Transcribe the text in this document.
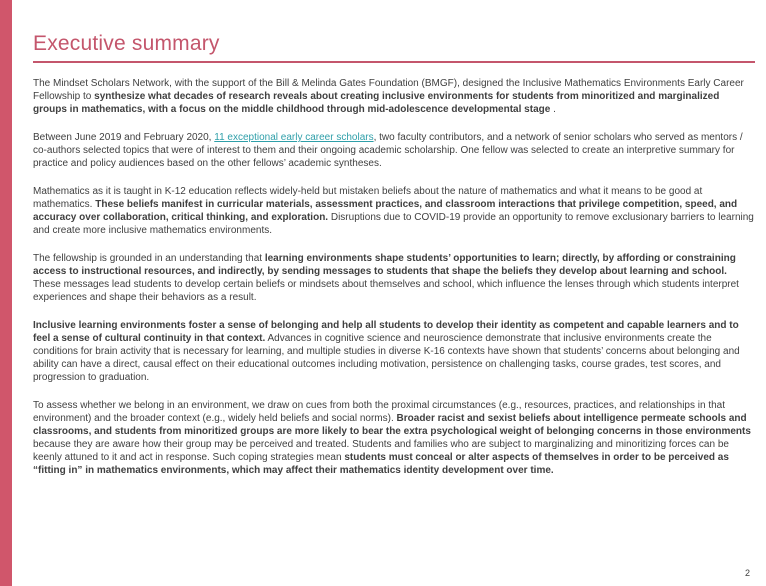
Executive summary

The Mindset Scholars Network, with the support of the Bill & Melinda Gates Foundation (BMGF), designed the Inclusive Mathematics Environments Early Career Fellowship to synthesize what decades of research reveals about creating inclusive environments for students from minoritized and marginalized groups in mathematics, with a focus on the middle childhood through mid-adolescence developmental stage .

Between June 2019 and February 2020, 11 exceptional early career scholars, two faculty contributors, and a network of senior scholars who served as mentors / co-authors selected topics that were of interest to them and their ongoing academic scholarship. One fellow was selected to create an interpretive summary for practice and policy audiences based on the other fellows’ academic syntheses.

Mathematics as it is taught in K-12 education reflects widely-held but mistaken beliefs about the nature of mathematics and what it means to be good at mathematics. These beliefs manifest in curricular materials, assessment practices, and classroom interactions that privilege competition, speed, and accuracy over collaboration, critical thinking, and exploration. Disruptions due to COVID-19 provide an opportunity to remove exclusionary barriers to learning and create more inclusive mathematics environments.

The fellowship is grounded in an understanding that learning environments shape students’ opportunities to learn; directly, by affording or constraining access to instructional resources, and indirectly, by sending messages to students that shape the beliefs they develop about learning and school. These messages lead students to develop certain beliefs or mindsets about themselves and school, which influence the lenses through which students interpret experiences and shape their behaviors as a result.

Inclusive learning environments foster a sense of belonging and help all students to develop their identity as competent and capable learners and to feel a sense of cultural continuity in that context. Advances in cognitive science and neuroscience demonstrate that inclusive environments create the conditions for brain activity that is necessary for learning, and multiple studies in diverse K-16 contexts have shown that students’ concerns about belonging and ability can have a direct, causal effect on their educational outcomes including motivation, persistence on challenging tasks, course grades, test scores, and progression to graduation.

To assess whether we belong in an environment, we draw on cues from both the proximal circumstances (e.g., resources, practices, and relationships in that environment) and the broader context (e.g., widely held beliefs and social norms). Broader racist and sexist beliefs about intelligence permeate schools and classrooms, and students from minoritized groups are more likely to bear the extra psychological weight of belonging concerns in those environments because they are aware how their group may be perceived and treated. Students and families who are subject to marginalizing and minoritizing forces can be keenly attuned to it and act in response. Such coping strategies mean students must conceal or alter aspects of themselves in order to be perceived as “fitting in” in mathematics environments, which may affect their mathematics identity development over time.

2
